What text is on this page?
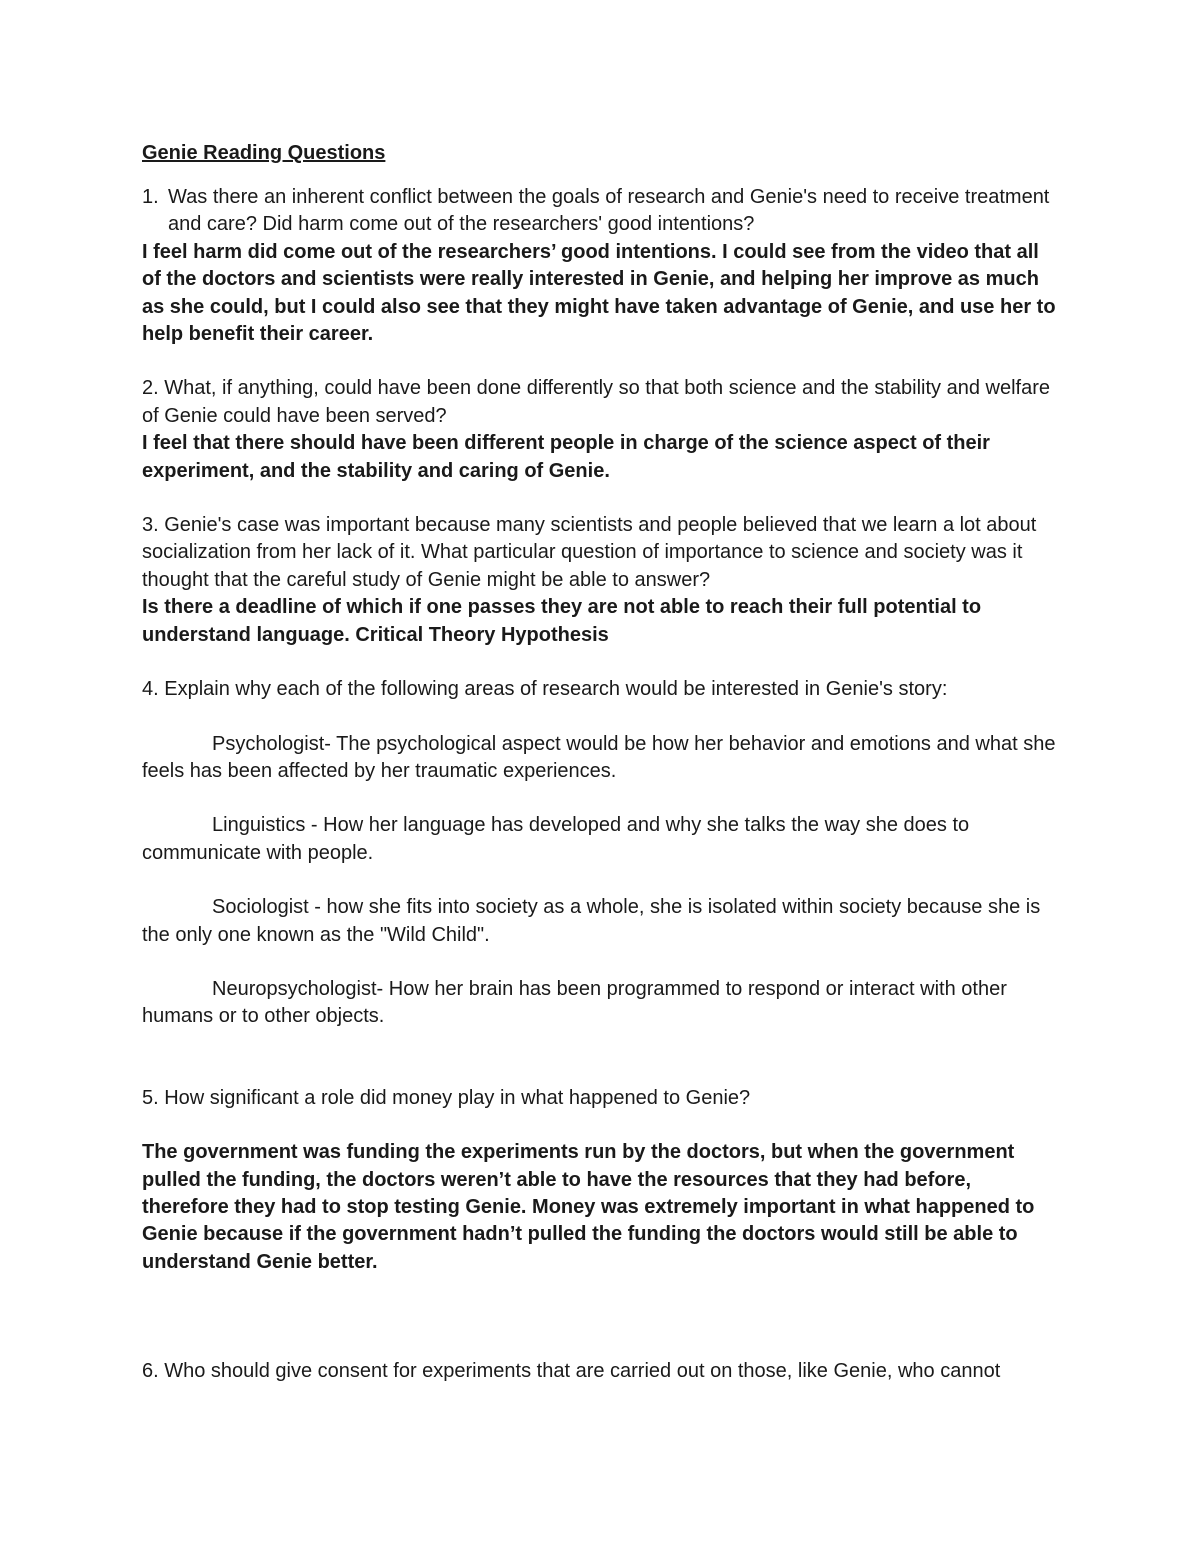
Genie Reading Questions
1. Was there an inherent conflict between the goals of research and Genie's need to receive treatment and care? Did harm come out of the researchers' good intentions?

I feel harm did come out of the researchers’ good intentions. I could see from the video that all of the doctors and scientists were really interested in Genie, and helping her improve as much as she could, but I could also see that they might have taken advantage of Genie, and use her to help benefit their career.

2. What, if anything, could have been done differently so that both science and the stability and welfare of Genie could have been served?

I feel that there should have been different people in charge of the science aspect of their experiment, and the stability and caring of Genie.

3. Genie's case was important because many scientists and people believed that we learn a lot about socialization from her lack of it. What particular question of importance to science and society was it thought that the careful study of Genie might be able to answer?

Is there a deadline of which if one passes they are not able to reach their full potential to understand language. Critical Theory Hypothesis

4. Explain why each of the following areas of research would be interested in Genie's story:

Psychologist- The psychological aspect would be how her behavior and emotions and what she feels has been affected by her traumatic experiences.

Linguistics - How her language has developed and why she talks the way she does to communicate with people.

Sociologist - how she fits into society as a whole, she is isolated within society because she is the only one known as the "Wild Child".

Neuropsychologist- How her brain has been programmed to respond or interact with other humans or to other objects.

5. How significant a role did money play in what happened to Genie?

The government was funding the experiments run by the doctors, but when the government pulled the funding, the doctors weren’t able to have the resources that they had before, therefore they had to stop testing Genie. Money was extremely important in what happened to Genie because if the government hadn’t pulled the funding the doctors would still be able to understand Genie better.

6. Who should give consent for experiments that are carried out on those, like Genie, who cannot
